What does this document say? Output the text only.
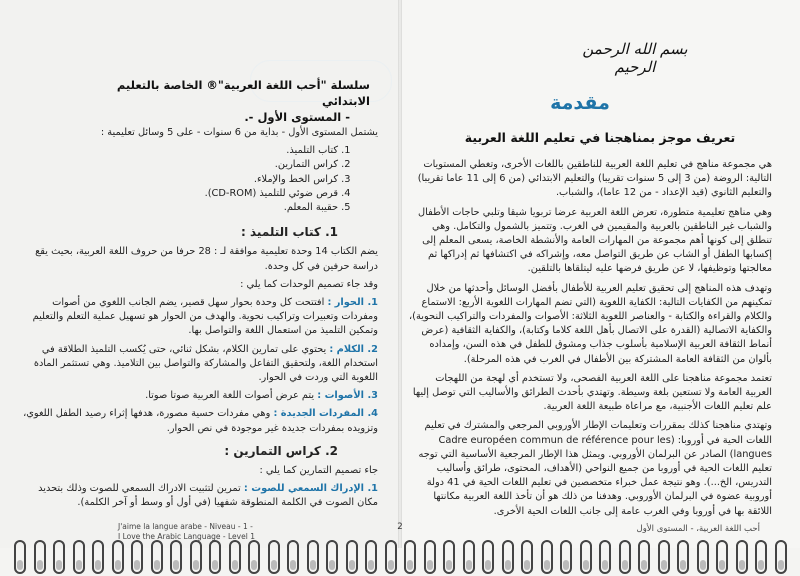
بسم الله الرحمن الرحيم
مقدمة
تعريف موجز بمناهجنا في تعليم اللغة العربية

هي مجموعة مناهج في تعليم اللغة العربية للناطقين باللغات الأخرى، وتغطي المستويات التالية: الروضة (من 3 إلى 5 سنوات تقريبا) والتعليم الابتدائي (من 6 إلى 11 عاما تقريبا) والتعليم الثانوي (قيد الإعداد - من 12 عاما)، والشباب.

وهي مناهج تعليمية متطورة، تعرض اللغة العربية عرضا تربويا شيقا وتلبي حاجات الأطفال والشباب غير الناطقين بالعربية والمقيمين في الغرب. وتتميز بالشمول والتكامل. وهي تنطلق إلى كونها أهم مجموعة من المهارات العامة والأنشطة الخاصة، يسعى المعلم إلى إكسابها الطفل أو الشاب عن طريق التواصل معه، وإشراكه في اكتشافها ثم إدراكها ثم معالجتها وتوظيفها، لا عن طريق فرضها عليه ليتلقاها بالتلقين.

وتهدف هذه المناهج إلى تحقيق تعليم العربية للأطفال بأفضل الوسائل وأحدثها من خلال تمكينهم من الكفايات التالية: الكفاية اللغوية (التي تضم المهارات اللغوية الأربع: الاستماع والكلام والقراءة والكتابة - والعناصر اللغوية الثلاثة: الأصوات والمفردات والتراكيب النحوية)، والكفاية الاتصالية (القدرة على الاتصال بأهل اللغة كلاما وكتابة)، والكفاية الثقافية (عرض أنماط الثقافة العربية الإسلامية بأسلوب جذاب ومشوق للطفل في هذه السن، وإمداده بألوان من الثقافة العامة المشتركة بين الأطفال في الغرب في هذه المرحلة).

تعتمد مجموعة مناهجنا على اللغة العربية الفصحى، ولا تستخدم أي لهجة من اللهجات العربية العامة ولا تستعين بلغة وسيطة. وتهتدي بأحدث الطرائق والأساليب التي توصل إليها علم تعليم اللغات الأجنبية، مع مراعاة طبيعة اللغة العربية.

وتهتدي مناهجنا كذلك بمقررات وتعليمات الإطار الأوروبي المرجعي والمشترك في تعليم اللغات الحية في أوروبا: (Cadre européen commun de référence pour les langues) الصادر عن البرلمان الأوروبي. ويمثل هذا الإطار المرجعية الأساسية التي توجه تعليم اللغات الحية في أوروبا من جميع النواحي (الأهداف، المحتوى، طرائق وأساليب التدريس، الخ...). وهو نتيجة عمل خبراء متخصصين في تعليم اللغات الحية في 41 دولة أوروبية عضوة في البرلمان الأوروبي. وهدفنا من ذلك هو أن تأخذ اللغة العربية مكانتها اللائقة بها في أوروبا وفي الغرب عامة إلى جانب اللغات الحية الأخرى.

أحب اللغة العربية، - المستوى الأول
2
سلسلة "أحب اللغة العربية"® الخاصة بالتعليم الابتدائي
- المستوى الأول -.

يشتمل المستوى الأول - بداية من 6 سنوات - على 5 وسائل تعليمية :

1. كتاب التلميذ.
2. كراس التمارين.
3. كراس الخط والإملاء.
4. قرص ضوئي للتلميذ (CD-ROM).
5. حقيبة المعلم.
1. كتاب التلميذ :

يضم الكتاب 14 وحدة تعليمية موافقة لـ : 28 حرفا من حروف اللغة العربية، بحيث يقع دراسة حرفين في كل وحدة.

وقد جاء تصميم الوحدات كما يلي :

1. الحوار : افتتحت كل وحدة بحوار سهل قصير، يضم الجانب اللغوي من أصوات ومفردات وتعبيرات وتراكيب نحوية. والهدف من الحوار هو تسهيل عملية التعلم والتعليم وتمكين التلميذ من استعمال اللغة والتواصل بها.

2. الكلام : يحتوي على تمارين الكلام، بشكل ثنائي، حتى يُكسب التلميذ الطلاقة في استخدام اللغة، ولتحقيق التفاعل والمشاركة والتواصل بين التلاميذ. وهي تستثمر المادة اللغوية التي وردت في الحوار.

3. الأصوات : يتم عرض أصوات اللغة العربية صوتا صوتا.

4. المفردات الجديدة : وهي مفردات حسية مصورة، هدفها إثراء رصيد الطفل اللغوي، وتزويده بمفردات جديدة غير موجودة في نص الحوار.

2. كراس التمارين :

جاء تصميم التمارين كما يلي :

1. الإدراك السمعي للصوت : تمرين لتثبيت الادراك السمعي للصوت وذلك بتحديد مكان الصوت في الكلمة المنطوقة شفهيا (في أول أو وسط أو آخر الكلمة).

J'aime la langue arabe - Niveau - 1 -
I Love the Arabic Language - Level 1
